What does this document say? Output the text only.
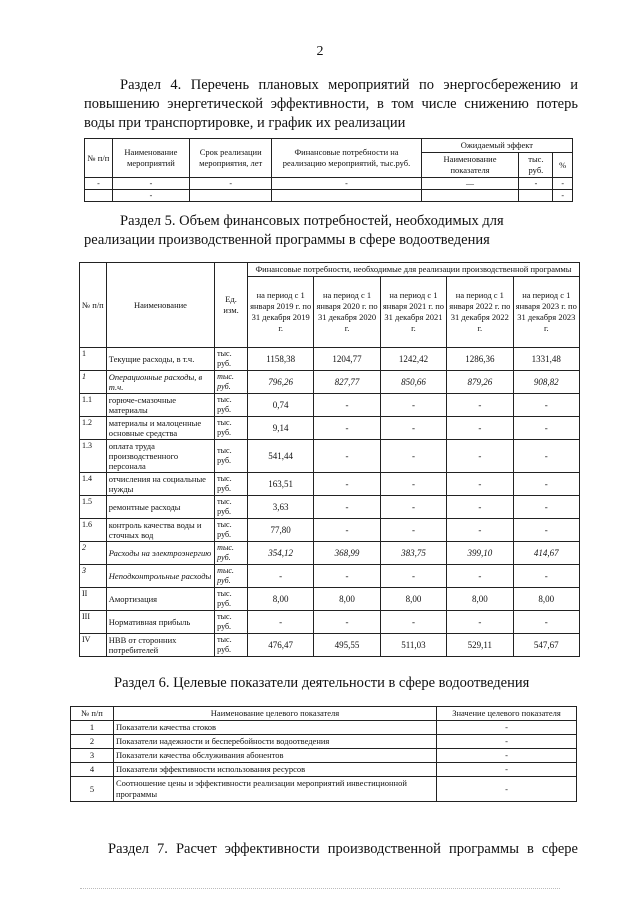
2
Раздел 4. Перечень плановых мероприятий по энергосбережению и повышению энергетической эффективности, в том числе снижению потерь воды при транспортировке, и график их реализации
№ п/п	Наименование мероприятий	Срок реализации мероприятия, лет	Финансовые потребности на реализацию мероприятий, тыс.руб.	Ожидаемый эффект		
				Наименование показателя	тыс. руб.	%
-	-	-	-	—	-	-
	-					-
Раздел 5. Объем финансовых потребностей, необходимых для реализации производственной программы в сфере водоотведения
№ п/п	Наименование	Ед. изм.	Финансовые потребности, необходимые для реализации производственной программы				
			на период с 1 января 2019 г. по 31 декабря 2019 г.	на период с 1 января 2020 г. по 31 декабря 2020 г.	на период с 1 января 2021 г. по 31 декабря 2021 г.	на период с 1 января 2022 г. по 31 декабря 2022 г.	на период с 1 января 2023 г. по 31 декабря 2023 г.
1	Текущие расходы, в т.ч.	тыс. руб.	1158,38	1204,77	1242,42	1286,36	1331,48
1	Операционные расходы, в т.ч.	тыс. руб.	796,26	827,77	850,66	879,26	908,82
1.1	горюче-смазочные материалы	тыс. руб.	0,74	-	-	-	-
1.2	материалы и малоценные основные средства	тыс. руб.	9,14	-	-	-	-
1.3	оплата труда производственного персонала	тыс. руб.	541,44	-	-	-	-
1.4	отчисления на социальные нужды	тыс. руб.	163,51	-	-	-	-
1.5	ремонтные расходы	тыс. руб.	3,63	-	-	-	-
1.6	контроль качества воды и сточных вод	тыс. руб.	77,80	-	-	-	-
2	Расходы на электроэнергию	тыс. руб.	354,12	368,99	383,75	399,10	414,67
3	Неподконтрольные расходы	тыс. руб.	-	-	-	-	-
II	Амортизация	тыс. руб.	8,00	8,00	8,00	8,00	8,00
III	Нормативная прибыль	тыс. руб.	-	-	-	-	-
IV	НВВ от сторонних потребителей	тыс. руб.	476,47	495,55	511,03	529,11	547,67
Раздел 6. Целевые показатели деятельности в сфере водоотведения
№ п/п	Наименование целевого показателя	Значение целевого показателя
1	Показатели качества стоков	-
2	Показатели надежности и бесперебойности водоотведения	-
3	Показатели качества обслуживания абонентов	-
4	Показатели эффективности использования ресурсов	-
5	Соотношение цены и эффективности реализации мероприятий инвестиционной программы	-
Раздел 7. Расчет эффективности производственной программы в сфере
